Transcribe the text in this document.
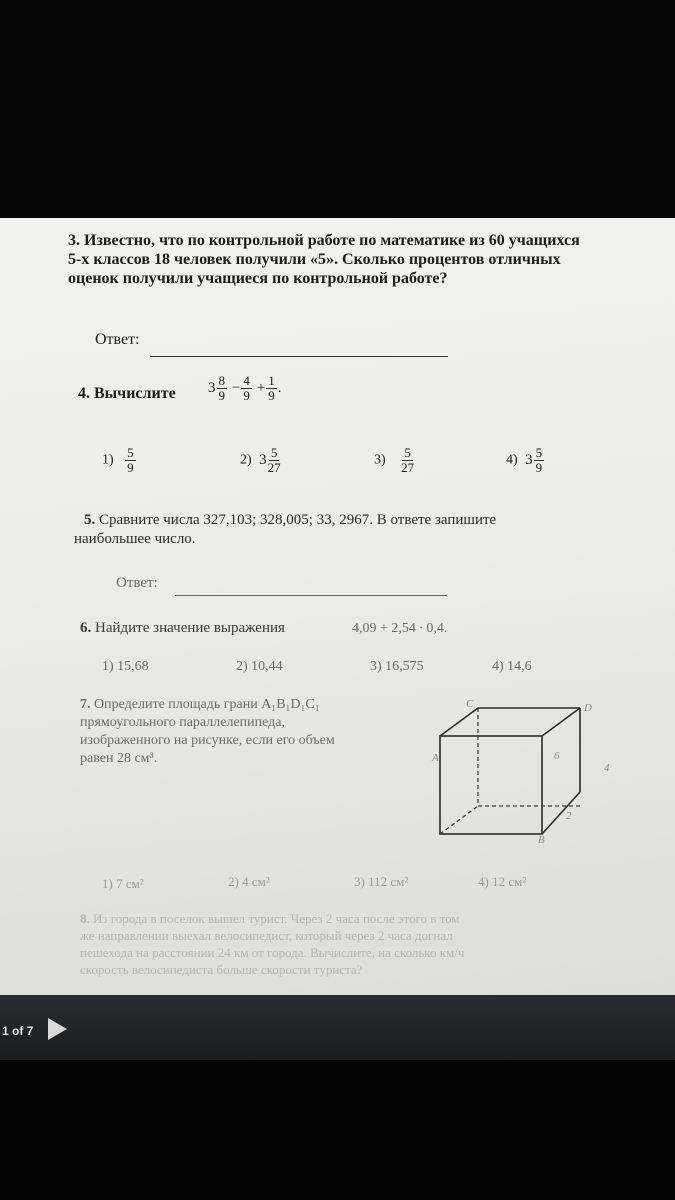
3. Известно, что по контрольной работе по математике из 60 учащихся
5-х классов 18 человек получили «5». Сколько процентов отличных
оценок получили учащиеся по контрольной работе?
Ответ:
4. Вычислите $3 \frac{8}{9} - \frac{4}{9} + \frac{1}{9}$ .
$1) \frac{5}{9}$	2) $3 \frac{5}{27}$	$3) \frac{5}{27}$	4) $3 \frac{5}{9}$
5. Сравните числа 327,103; 328,005; 33, 2967. В ответе запишите
наибольшее число.
Ответ:
6. Найдите значение выражения	4,09 + 2,54 ∙ 0,4.
1) 15,68	2) 10,44	3) 16,575	4) 14,6
7. Определите площадь грани A₁B₁D₁C₁
прямоугольного параллелепипеда,
изображенного на рисунке, если его объем
равен 28 см³.
C	D
A	6
4
B
2
1) 7 см²	2) 4 см²	3) 112 см²	4) 12 см²
8. Из города в поселок вышел турист. Через 2 часа после этого в том
же направлении выехал велосипедист, который через 2 часа догнал
пешехода на расстоянии 24 км от города. Вычислите, на сколько км/ч
скорость велосипедиста больше скорости туриста?
1 of 7
